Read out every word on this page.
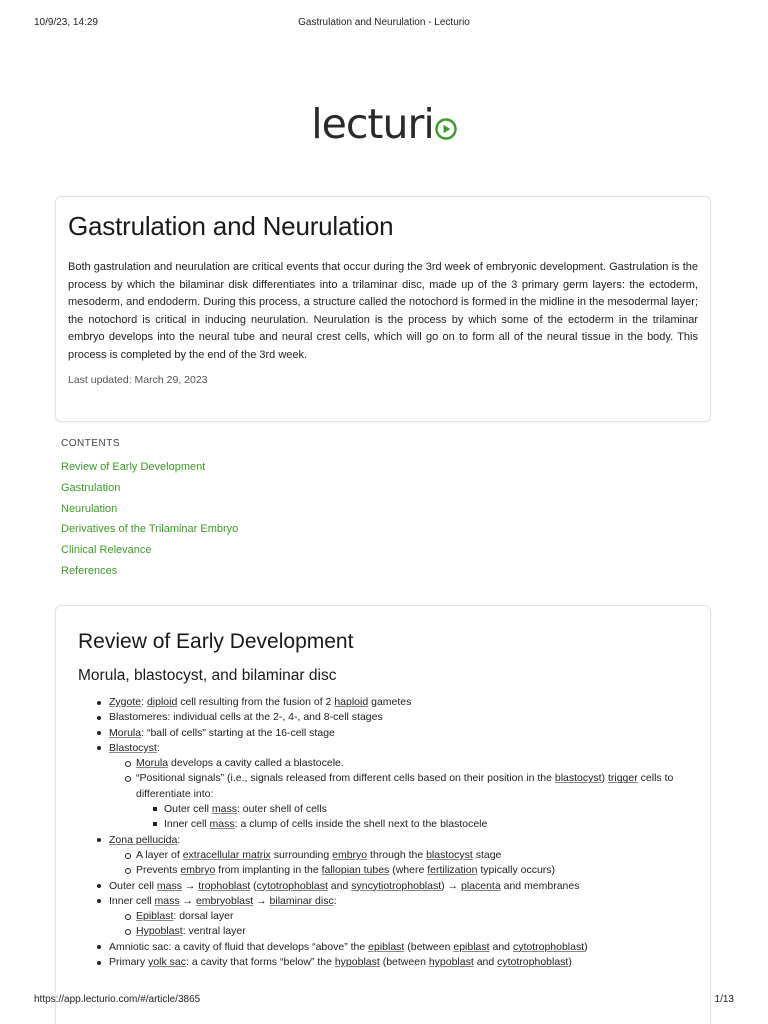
10/9/23, 14:29	Gastrulation and Neurulation - Lecturio
lecturi
Gastrulation and Neurulation

Both gastrulation and neurulation are critical events that occur during the 3rd week of embryonic development. Gastrulation is the process by which the bilaminar disk differentiates into a trilaminar disc, made up of the 3 primary germ layers: the ectoderm, mesoderm, and endoderm. During this process, a structure called the notochord is formed in the midline in the mesodermal layer; the notochord is critical in inducing neurulation. Neurulation is the process by which some of the ectoderm in the trilaminar embryo develops into the neural tube and neural crest cells, which will go on to form all of the neural tissue in the body. This process is completed by the end of the 3rd week.

Last updated: March 29, 2023
CONTENTS
Review of Early Development
Gastrulation
Neurulation
Derivatives of the Trilaminar Embryo
Clinical Relevance
References
Review of Early Development
Morula, blastocyst, and bilaminar disc
Zygote: diploid cell resulting from the fusion of 2 haploid gametes
Blastomeres: individual cells at the 2-, 4-, and 8-cell stages
Morula: “ball of cells” starting at the 16-cell stage
Blastocyst:
Morula develops a cavity called a blastocele.
“Positional signals” (i.e., signals released from different cells based on their position in the blastocyst) trigger cells to differentiate into:
Outer cell mass: outer shell of cells
Inner cell mass: a clump of cells inside the shell next to the blastocele
Zona pellucida:
A layer of extracellular matrix surrounding embryo through the blastocyst stage
Prevents embryo from implanting in the fallopian tubes (where fertilization typically occurs)
Outer cell mass → trophoblast (cytotrophoblast and syncytiotrophoblast) → placenta and membranes
Inner cell mass → embryoblast → bilaminar disc:
Epiblast: dorsal layer
Hypoblast: ventral layer
Amniotic sac: a cavity of fluid that develops “above” the epiblast (between epiblast and cytotrophoblast)
Primary yolk sac: a cavity that forms “below” the hypoblast (between hypoblast and cytotrophoblast)
https://app.lecturio.com/#/article/3865	1/13
